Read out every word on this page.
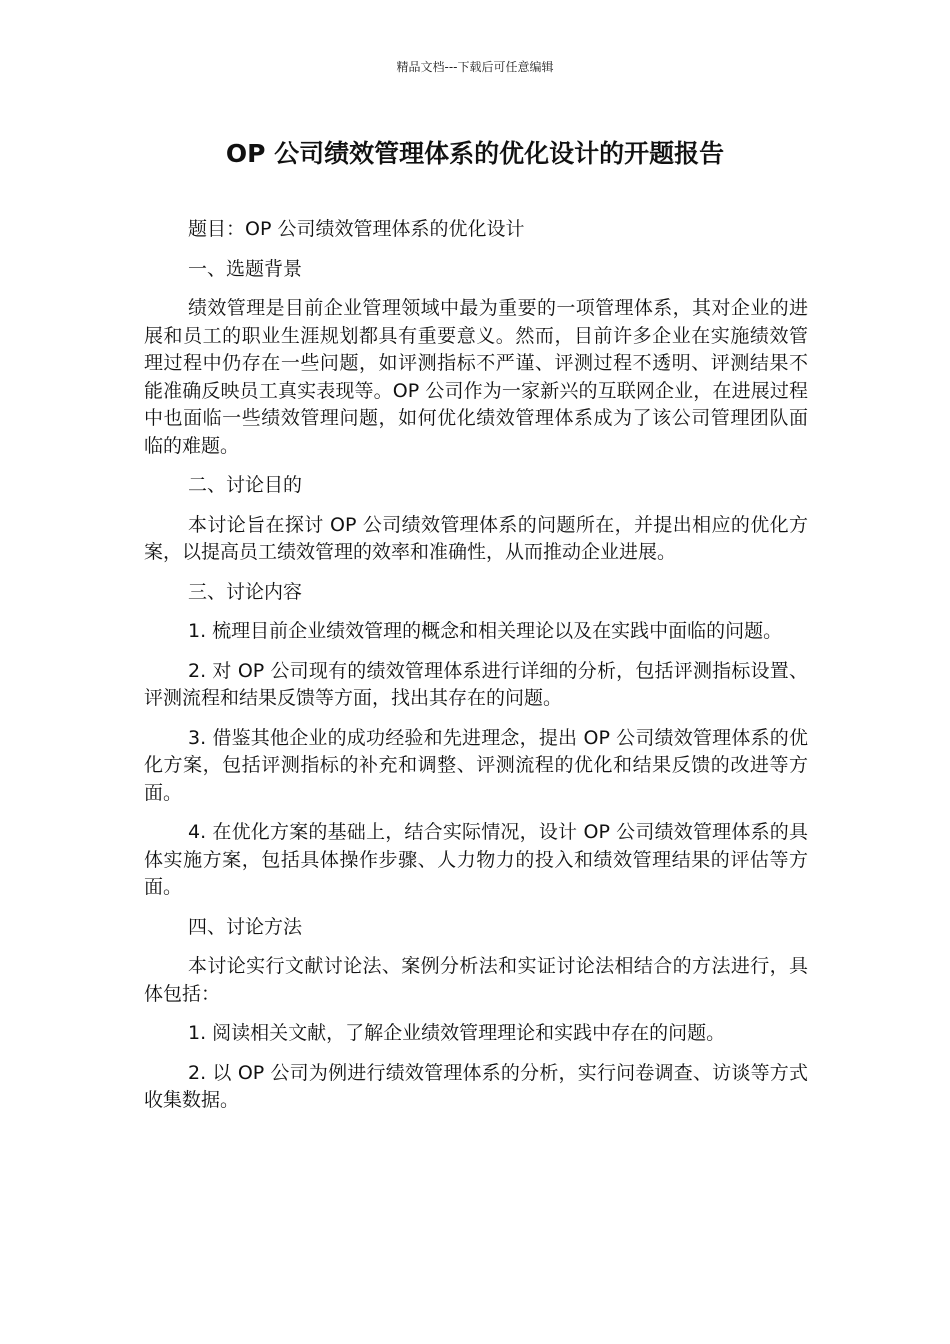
精品文档---下载后可任意编辑
OP 公司绩效管理体系的优化设计的开题报告

题目：OP 公司绩效管理体系的优化设计

一、选题背景

绩效管理是目前企业管理领域中最为重要的一项管理体系，其对企业的进展和员工的职业生涯规划都具有重要意义。然而，目前许多企业在实施绩效管理过程中仍存在一些问题，如评测指标不严谨、评测过程不透明、评测结果不能准确反映员工真实表现等。OP 公司作为一家新兴的互联网企业，在进展过程中也面临一些绩效管理问题，如何优化绩效管理体系成为了该公司管理团队面临的难题。

二、讨论目的

本讨论旨在探讨 OP 公司绩效管理体系的问题所在，并提出相应的优化方案，以提高员工绩效管理的效率和准确性，从而推动企业进展。

三、讨论内容

1. 梳理目前企业绩效管理的概念和相关理论以及在实践中面临的问题。

2. 对 OP 公司现有的绩效管理体系进行详细的分析，包括评测指标设置、评测流程和结果反馈等方面，找出其存在的问题。

3. 借鉴其他企业的成功经验和先进理念，提出 OP 公司绩效管理体系的优化方案，包括评测指标的补充和调整、评测流程的优化和结果反馈的改进等方面。

4. 在优化方案的基础上，结合实际情况，设计 OP 公司绩效管理体系的具体实施方案，包括具体操作步骤、人力物力的投入和绩效管理结果的评估等方面。

四、讨论方法

本讨论实行文献讨论法、案例分析法和实证讨论法相结合的方法进行，具体包括：

1. 阅读相关文献，了解企业绩效管理理论和实践中存在的问题。

2. 以 OP 公司为例进行绩效管理体系的分析，实行问卷调查、访谈等方式收集数据。
